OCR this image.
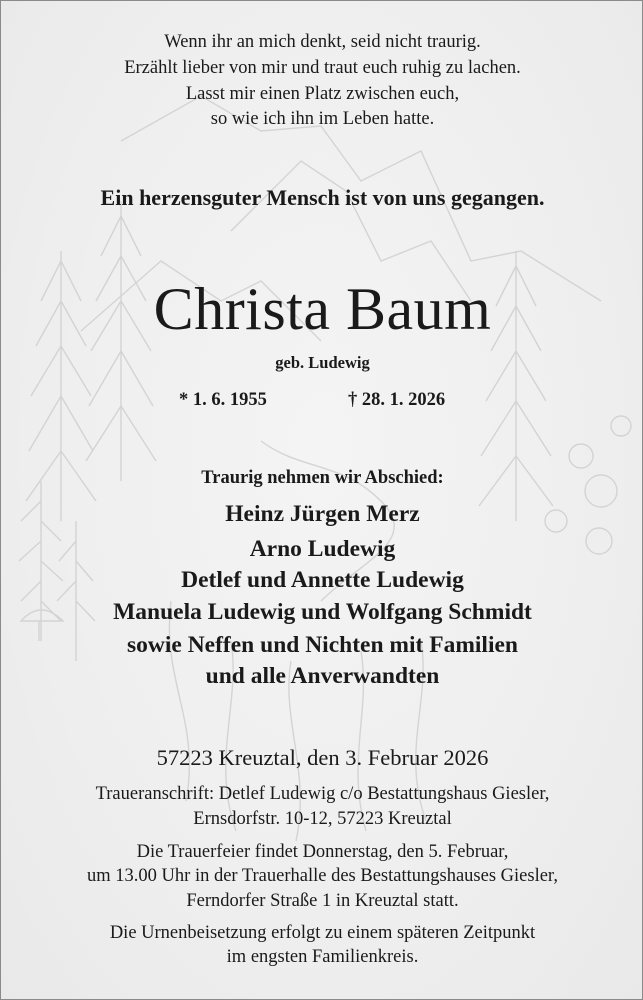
Wenn ihr an mich denkt, seid nicht traurig.
Erzählt lieber von mir und traut euch ruhig zu lachen.
Lasst mir einen Platz zwischen euch,
so wie ich ihn im Leben hatte.
Ein herzensguter Mensch ist von uns gegangen.
Christa Baum
geb. Ludewig
* 1. 6. 1955	† 28. 1. 2026
Traurig nehmen wir Abschied:
Heinz Jürgen Merz
Arno Ludewig
Detlef und Annette Ludewig
Manuela Ludewig und Wolfgang Schmidt
sowie Neffen und Nichten mit Familien
und alle Anverwandten
57223 Kreuztal, den 3. Februar 2026
Traueranschrift: Detlef Ludewig c/o Bestattungshaus Giesler,
Ernsdorfstr. 10-12, 57223 Kreuztal
Die Trauerfeier findet Donnerstag, den 5. Februar,
um 13.00 Uhr in der Trauerhalle des Bestattungshauses Giesler,
Ferndorfer Straße 1 in Kreuztal statt.
Die Urnenbeisetzung erfolgt zu einem späteren Zeitpunkt
im engsten Familienkreis.
